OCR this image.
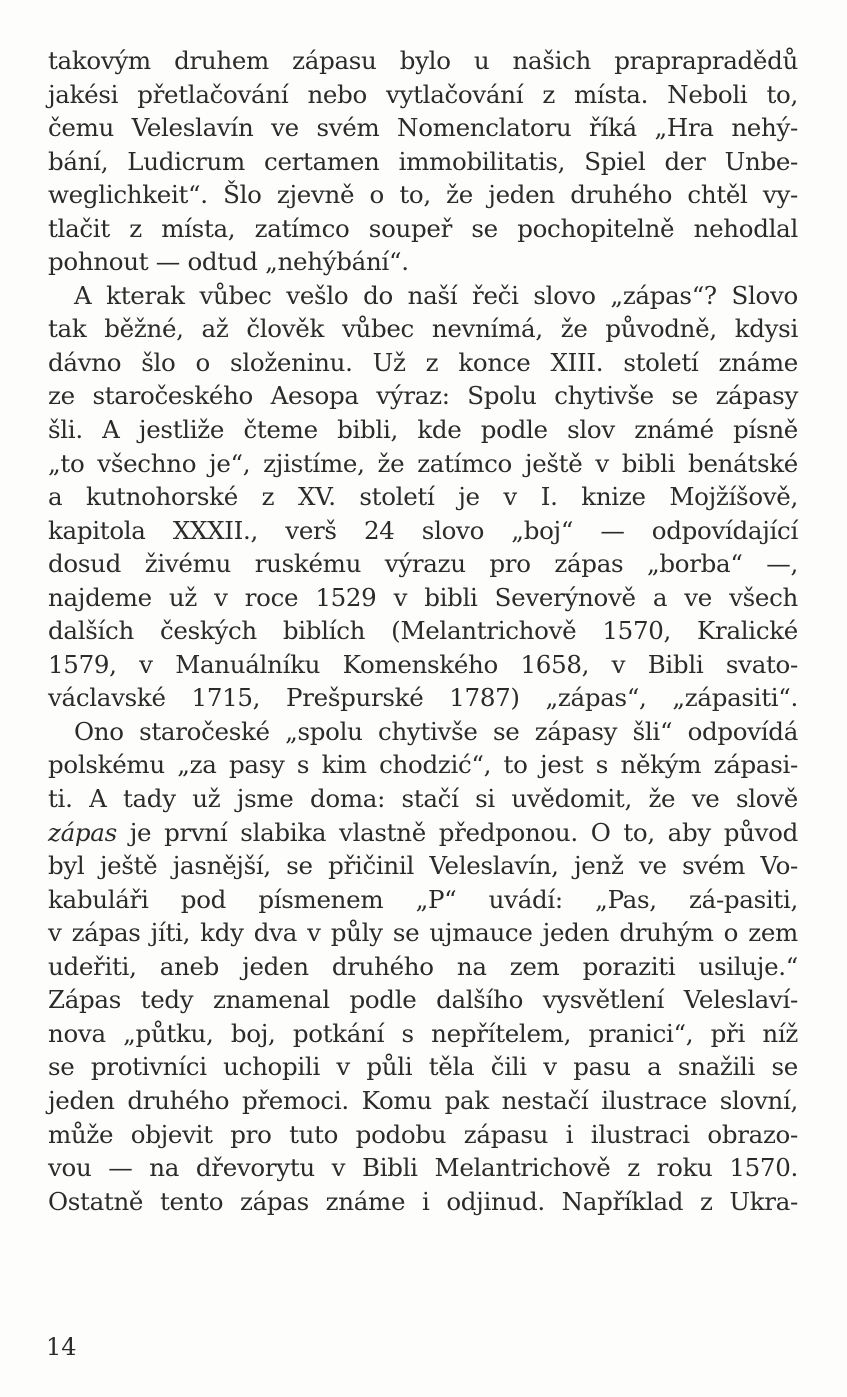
takovým druhem zápasu bylo u našich praprapradědů
jakési přetlačování nebo vytlačování z místa. Neboli to,
čemu Veleslavín ve svém Nomenclatoru říká „Hra nehý-
bání, Ludicrum certamen immobilitatis, Spiel der Unbe-
weglichkeit“. Šlo zjevně o to, že jeden druhého chtěl vy-
tlačit z místa, zatímco soupeř se pochopitelně nehodlal
pohnout — odtud „nehýbání“.
A kterak vůbec vešlo do naší řeči slovo „zápas“? Slovo
tak běžné, až člověk vůbec nevnímá, že původně, kdysi
dávno šlo o složeninu. Už z konce XIII. století známe
ze staročeského Aesopa výraz: Spolu chytivše se zápasy
šli. A jestliže čteme bibli, kde podle slov známé písně
„to všechno je“, zjistíme, že zatímco ještě v bibli benátské
a kutnohorské z XV. století je v I. knize Mojžíšově,
kapitola XXXII., verš 24 slovo „boj“ — odpovídající
dosud živému ruskému výrazu pro zápas „borba“ —,
najdeme už v roce 1529 v bibli Severýnově a ve všech
dalších českých biblích (Melantrichově 1570, Kralické
1579, v Manuálníku Komenského 1658, v Bibli svato-
václavské 1715, Prešpurské 1787) „zápas“, „zápasiti“.
Ono staročeské „spolu chytivše se zápasy šli“ odpovídá
polskému „za pasy s kim chodzić“, to jest s někým zápasi-
ti. A tady už jsme doma: stačí si uvědomit, že ve slově
zápas je první slabika vlastně předponou. O to, aby původ
byl ještě jasnější, se přičinil Veleslavín, jenž ve svém Vo-
kabuláři pod písmenem „P“ uvádí: „Pas, zá-pasiti,
v zápas jíti, kdy dva v půly se ujmauce jeden druhým o zem
udeřiti, aneb jeden druhého na zem poraziti usiluje.“
Zápas tedy znamenal podle dalšího vysvětlení Veleslaví-
nova „půtku, boj, potkání s nepřítelem, pranici“, při níž
se protivníci uchopili v půli těla čili v pasu a snažili se
jeden druhého přemoci. Komu pak nestačí ilustrace slovní,
může objevit pro tuto podobu zápasu i ilustraci obrazo-
vou — na dřevorytu v Bibli Melantrichově z roku 1570.
Ostatně tento zápas známe i odjinud. Například z Ukra-
14
